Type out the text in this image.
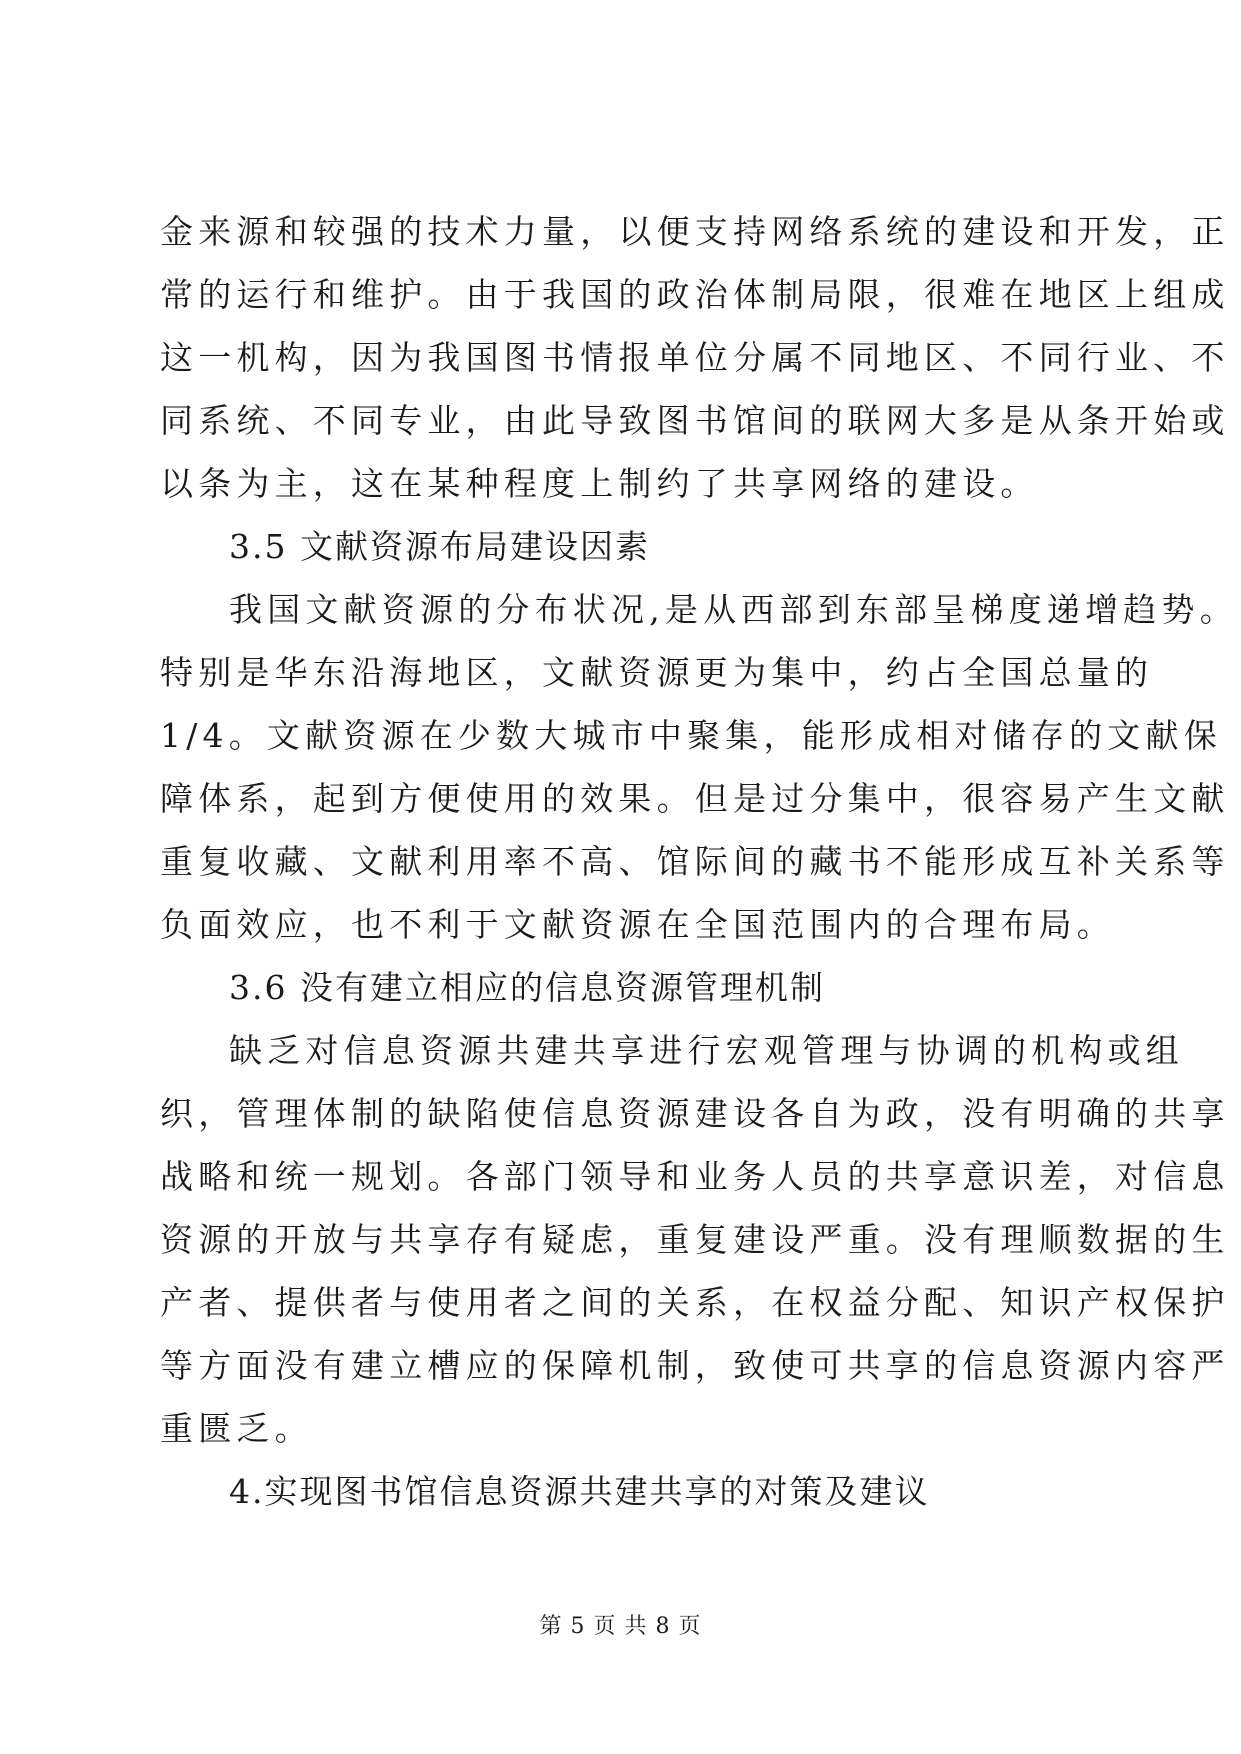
金来源和较强的技术力量，以便支持网络系统的建设和开发，正
常的运行和维护。由于我国的政治体制局限，很难在地区上组成
这一机构，因为我国图书情报单位分属不同地区、不同行业、不
同系统、不同专业，由此导致图书馆间的联网大多是从条开始或
以条为主，这在某种程度上制约了共享网络的建设。
3.5 文献资源布局建设因素
我国文献资源的分布状况,是从西部到东部呈梯度递增趋势。
特别是华东沿海地区，文献资源更为集中，约占全国总量的
1/4。文献资源在少数大城市中聚集，能形成相对储存的文献保
障体系，起到方便使用的效果。但是过分集中，很容易产生文献
重复收藏、文献利用率不高、馆际间的藏书不能形成互补关系等
负面效应，也不利于文献资源在全国范围内的合理布局。
3.6 没有建立相应的信息资源管理机制
缺乏对信息资源共建共享进行宏观管理与协调的机构或组
织，管理体制的缺陷使信息资源建设各自为政，没有明确的共享
战略和统一规划。各部门领导和业务人员的共享意识差，对信息
资源的开放与共享存有疑虑，重复建设严重。没有理顺数据的生
产者、提供者与使用者之间的关系，在权益分配、知识产权保护
等方面没有建立槽应的保障机制，致使可共享的信息资源内容严
重匮乏。
4.实现图书馆信息资源共建共享的对策及建议
第 5 页 共 8 页
